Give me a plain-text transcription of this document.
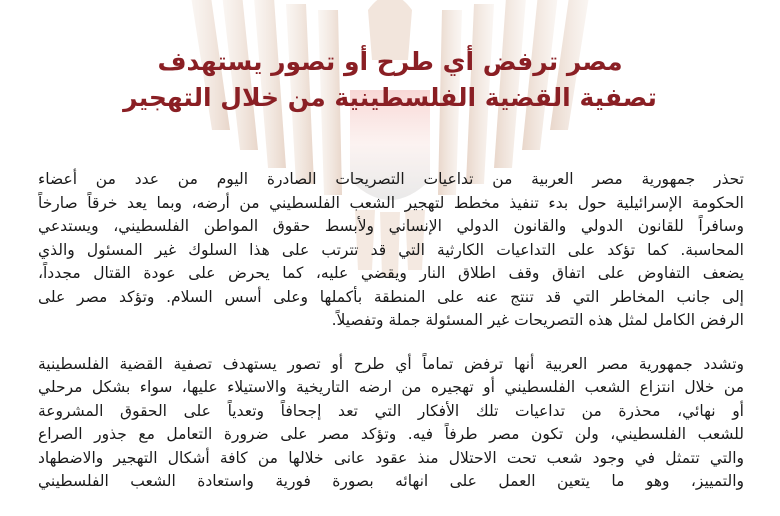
مصر ترفض أي طرح أو تصور يستهدف
تصفية القضية الفلسطينية من خلال التهجير
تحذر جمهورية مصر العربية من تداعيات التصريحات الصادرة اليوم من عدد من أعضاء
الحكومة الإسرائيلية حول بدء تنفيذ مخطط لتهجير الشعب الفلسطيني من أرضه، وبما يعد خرقاً صارخاً
وسافراً للقانون الدولي والقانون الدولي الإنساني ولأبسط حقوق المواطن الفلسطيني، ويستدعي
المحاسبة. كما تؤكد على التداعيات الكارثية التي قد تترتب على هذا السلوك غير المسئول والذي
يضعف التفاوض على اتفاق وقف اطلاق النار ويقضي عليه، كما يحرض على عودة القتال مجدداً،
إلى جانب المخاطر التي قد تنتج عنه على المنطقة بأكملها وعلى أسس السلام. وتؤكد مصر على
الرفض الكامل لمثل هذه التصريحات غير المسئولة جملة وتفصيلاً.
وتشدد جمهورية مصر العربية أنها ترفض تماماً أي طرح أو تصور يستهدف تصفية القضية الفلسطينية
من خلال انتزاع الشعب الفلسطيني أو تهجيره من ارضه التاريخية والاستيلاء عليها، سواء بشكل مرحلي
أو نهائي، محذرة من تداعيات تلك الأفكار التي تعد إجحافاً وتعدياً على الحقوق المشروعة
للشعب الفلسطيني، ولن تكون مصر طرفاً فيه. وتؤكد مصر على ضرورة التعامل مع جذور الصراع
والتي تتمثل في وجود شعب تحت الاحتلال منذ عقود عانى خلالها من كافة أشكال التهجير والاضطهاد
والتمييز، وهو ما يتعين العمل على انهائه بصورة فورية واستعادة الشعب الفلسطيني
